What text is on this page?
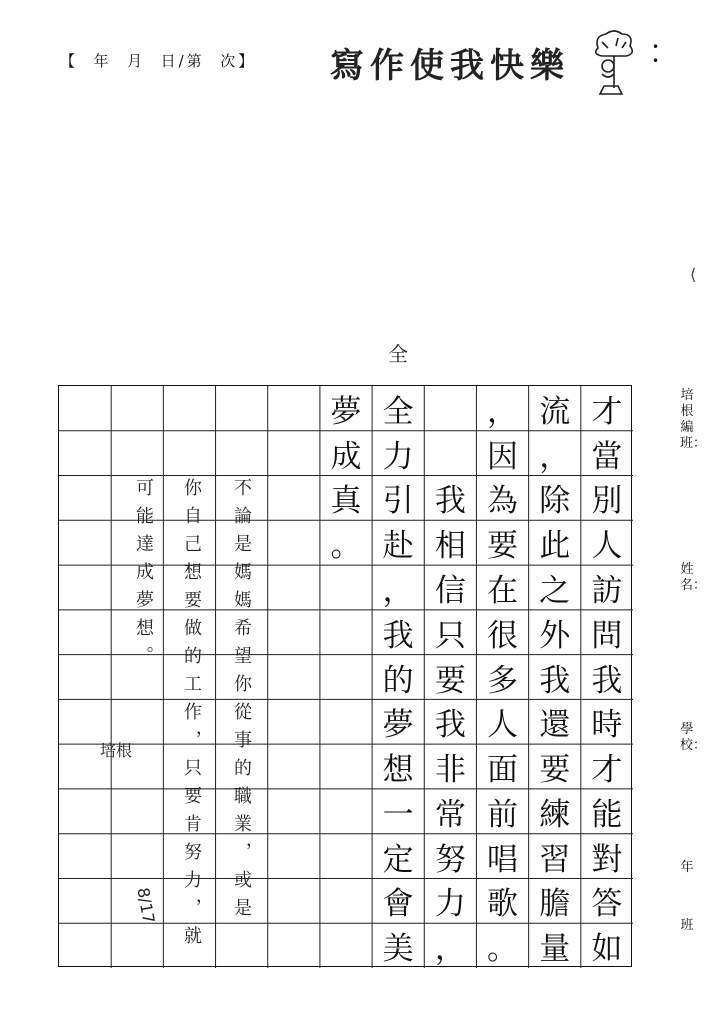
【  年  月  日/第  次】 寫作使我快樂	• •
培根編班：
姓名：
學校：
年
班
⟨
全
才
當
別
人
訪
問
我
時
才
能
對
答
如
流
，
除
此
之
外
我
還
要
練
習
膽
量
，
因
為
要
在
很
多
人
面
前
唱
歌
。
我
相
信
只
要
我
非
常
努
力
，
全
力
引
赴
，
我
的
夢
想
一
定
會
美
夢
成
真
。
不論是媽媽希望你從事的職業，或是
你自己想要做的工作，只要肯努力，就
可能達成夢想。
培根
8/17
